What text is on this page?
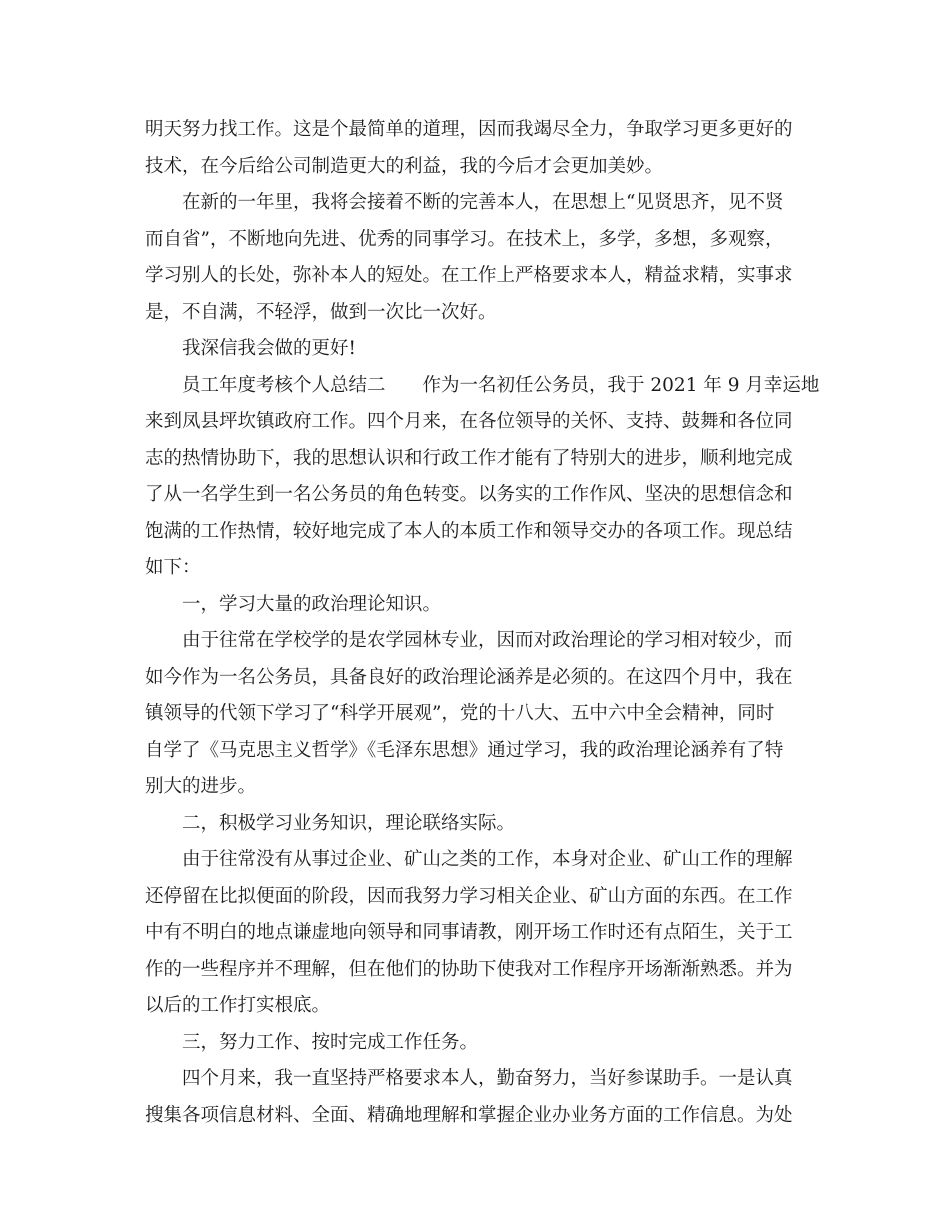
明天努力找工作。这是个最简单的道理，因而我竭尽全力，争取学习更多更好的
技术，在今后给公司制造更大的利益，我的今后才会更加美妙。
在新的一年里，我将会接着不断的完善本人，在思想上“见贤思齐，见不贤
而自省”，不断地向先进、优秀的同事学习。在技术上，多学，多想，多观察，
学习别人的长处，弥补本人的短处。在工作上严格要求本人，精益求精，实事求
是，不自满，不轻浮，做到一次比一次好。
我深信我会做的更好!
员工年度考核个人总结二　　作为一名初任公务员，我于 2021 年 9 月幸运地
来到凤县坪坎镇政府工作。四个月来，在各位领导的关怀、支持、鼓舞和各位同
志的热情协助下，我的思想认识和行政工作才能有了特别大的进步，顺利地完成
了从一名学生到一名公务员的角色转变。以务实的工作作风、坚决的思想信念和
饱满的工作热情，较好地完成了本人的本质工作和领导交办的各项工作。现总结
如下：
一，学习大量的政治理论知识。
由于往常在学校学的是农学园林专业，因而对政治理论的学习相对较少，而
如今作为一名公务员，具备良好的政治理论涵养是必须的。在这四个月中，我在
镇领导的代领下学习了“科学开展观”，党的十八大、五中六中全会精神，同时
自学了《马克思主义哲学》《毛泽东思想》通过学习，我的政治理论涵养有了特
别大的进步。
二，积极学习业务知识，理论联络实际。
由于往常没有从事过企业、矿山之类的工作，本身对企业、矿山工作的理解
还停留在比拟便面的阶段，因而我努力学习相关企业、矿山方面的东西。在工作
中有不明白的地点谦虚地向领导和同事请教，刚开场工作时还有点陌生，关于工
作的一些程序并不理解，但在他们的协助下使我对工作程序开场渐渐熟悉。并为
以后的工作打实根底。
三，努力工作、按时完成工作任务。
四个月来，我一直坚持严格要求本人，勤奋努力，当好参谋助手。一是认真
搜集各项信息材料、全面、精确地理解和掌握企业办业务方面的工作信息。为处
